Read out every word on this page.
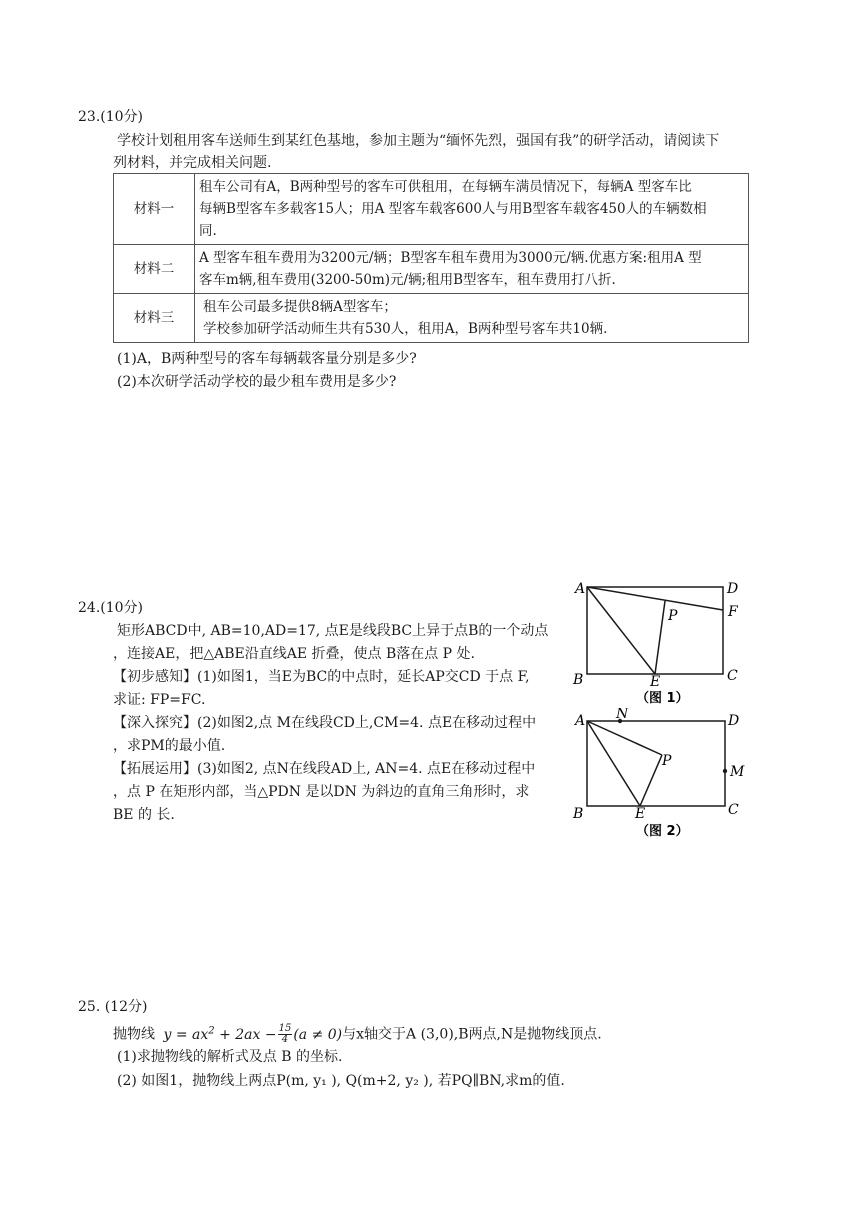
23.(10分)
学校计划租用客车送师生到某红色基地，参加主题为“缅怀先烈，强国有我”的研学活动，请阅读下
列材料，并完成相关问题.
材料一	租车公司有A，B两种型号的客车可供租用，在每辆车满员情况下，每辆A 型客车比
每辆B型客车多载客15人；用A 型客车载客600人与用B型客车载客450人的车辆数相
同.

材料二	A 型客车租车费用为3200元/辆；B型客车租车费用为3000元/辆.优惠方案:租用A 型
客车m辆,租车费用(3200-50m)元/辆;租用B型客车，租车费用打八折.

材料三	租车公司最多提供8辆A型客车；
学校参加研学活动师生共有530人，租用A，B两种型号客车共10辆.
(1)A，B两种型号的客车每辆载客量分别是多少?
(2)本次研学活动学校的最少租车费用是多少?
24.(10分)
矩形ABCD中, AB=10,AD=17, 点E是线段BC上异于点B的一个动点
，连接AE，把△ABE沿直线AE 折叠，使点 B落在点 P 处.
【初步感知】(1)如图1，当E为BC的中点时，延长AP交CD 于点 F,
求证: FP=FC.
【深入探究】(2)如图2,点 M在线段CD上,CM=4. 点E在移动过程中
，求PM的最小值.
【拓展运用】(3)如图2, 点N在线段AD上, AN=4. 点E在移动过程中
，点 P 在矩形内部，当△PDN 是以DN 为斜边的直角三角形时，求
BE 的 长.
A	D
F
P
B	E	C
（图 1）
A N	D
P
M
B	E	C
（图 2）
25. (12分)
抛物线 $y = ax^2 + 2ax - \frac{15}{4} (a \ne 0)$与x轴交于A (3,0),B两点,N是抛物线顶点.
(1)求抛物线的解析式及点 B 的坐标.
(2) 如图1，抛物线上两点P(m, y₁ ), Q(m+2, y₂ ), 若PQ∥BN,求m的值.
